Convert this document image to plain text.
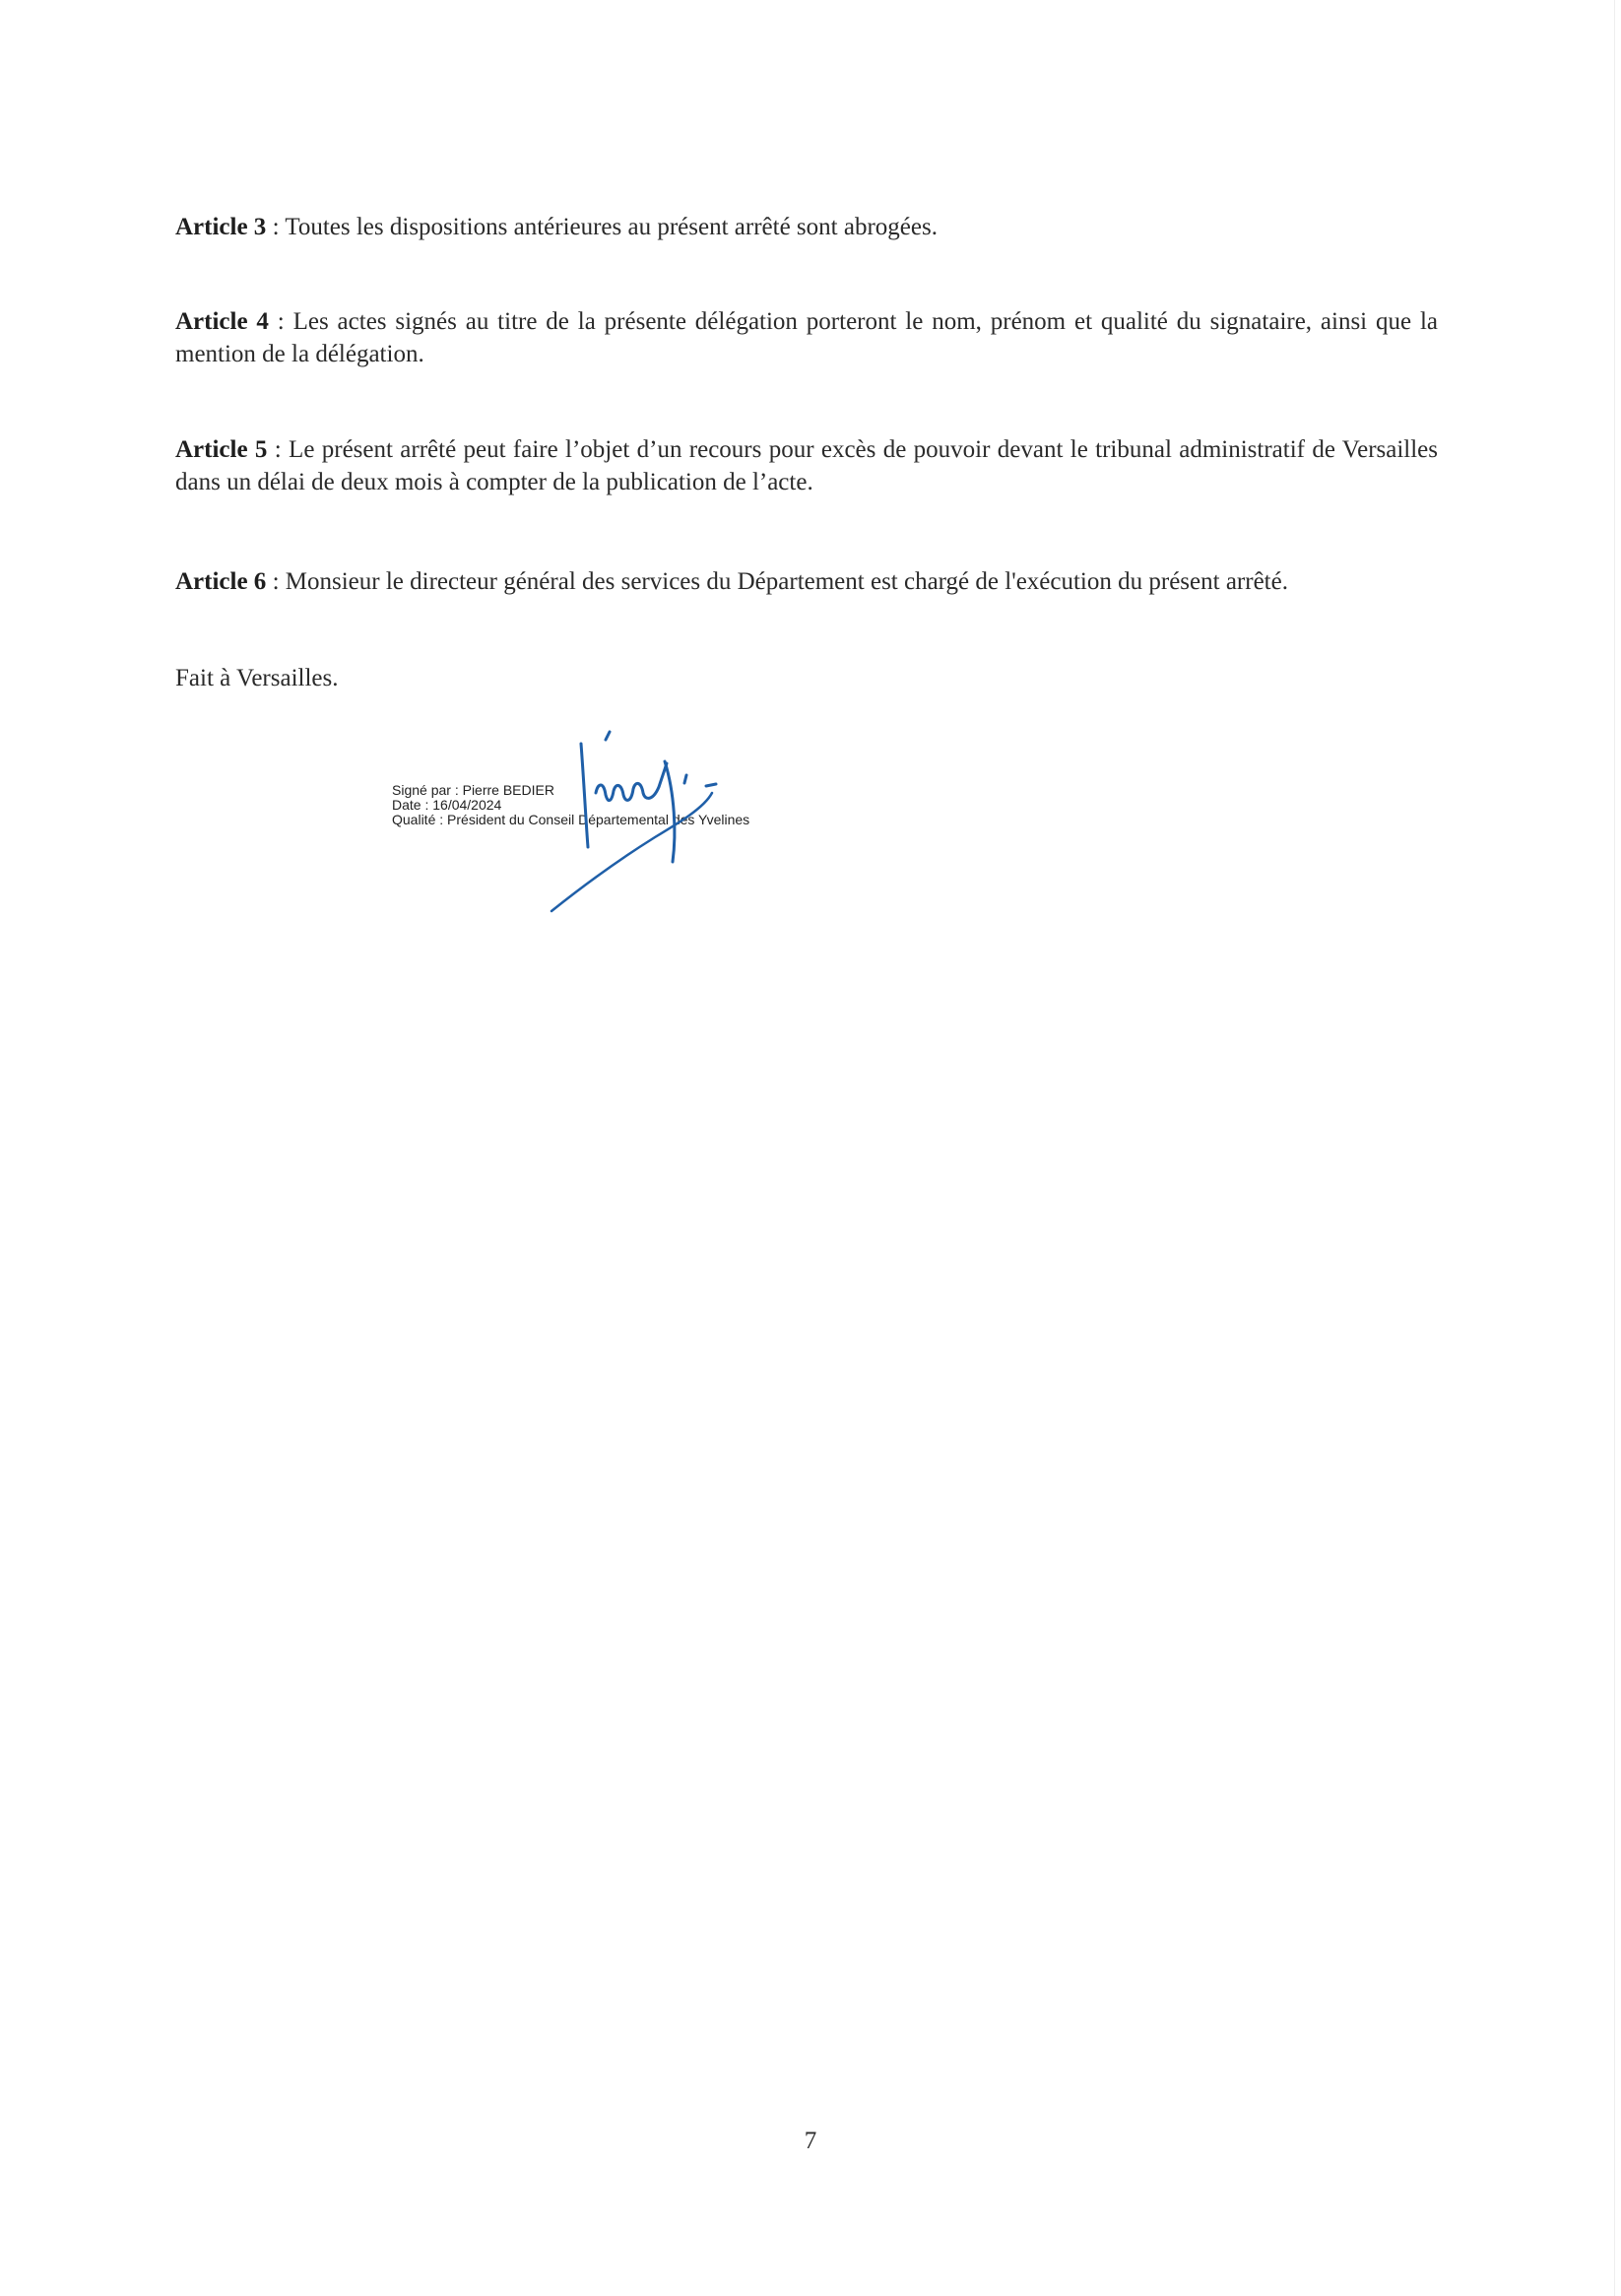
Article 3 : Toutes les dispositions antérieures au présent arrêté sont abrogées.

Article 4 : Les actes signés au titre de la présente délégation porteront le nom, prénom et qualité du signataire, ainsi que la mention de la délégation.

Article 5 : Le présent arrêté peut faire l’objet d’un recours pour excès de pouvoir devant le tribunal administratif de Versailles dans un délai de deux mois à compter de la publication de l’acte.

Article 6 : Monsieur le directeur général des services du Département est chargé de l'exécution du présent arrêté.

Fait à Versailles.

Signé par : Pierre BEDIER
Date : 16/04/2024
Qualité : Président du Conseil Départemental des Yvelines
7
